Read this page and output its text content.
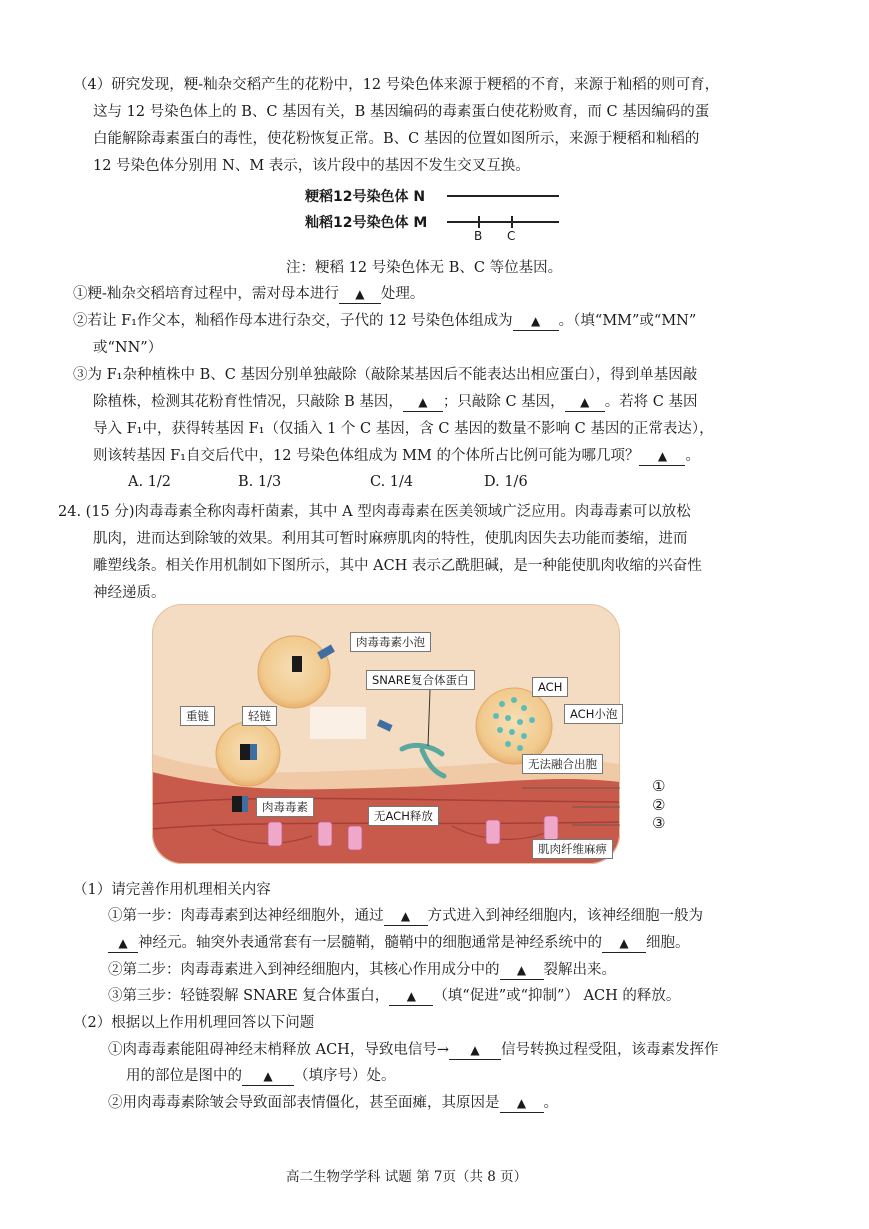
（4）研究发现，粳-籼杂交稻产生的花粉中，12 号染色体来源于粳稻的不育，来源于籼稻的则可育，
这与 12 号染色体上的 B、C 基因有关，B 基因编码的毒素蛋白使花粉败育，而 C 基因编码的蛋
白能解除毒素蛋白的毒性，使花粉恢复正常。B、C 基因的位置如图所示，来源于粳稻和籼稻的
12 号染色体分别用 N、M 表示，该片段中的基因不发生交叉互换。
粳稻12号染色体 N
籼稻12号染色体 M
B C
注：粳稻 12 号染色体无 B、C 等位基因。
①粳-籼杂交稻培育过程中，需对母本进行 ▲ 处理。
②若让 F₁作父本，籼稻作母本进行杂交，子代的 12 号染色体组成为 ▲ 。（填“MM”或“MN”
或“NN”）
③为 F₁杂种植株中 B、C 基因分别单独敲除（敲除某基因后不能表达出相应蛋白），得到单基因敲
除植株，检测其花粉育性情况，只敲除 B 基因， ▲ ；只敲除 C 基因， ▲ 。若将 C 基因
导入 F₁中，获得转基因 F₁（仅插入 1 个 C 基因，含 C 基因的数量不影响 C 基因的正常表达），
则该转基因 F₁自交后代中，12 号染色体组成为 MM 的个体所占比例可能为哪几项？ ▲ 。
A. 1/2	B. 1/3	C. 1/4	D. 1/6
24. (15 分)肉毒毒素全称肉毒杆菌素，其中 A 型肉毒毒素在医美领域广泛应用。肉毒毒素可以放松
肌肉，进而达到除皱的效果。利用其可暂时麻痹肌肉的特性，使肌肉因失去功能而萎缩，进而
雕塑线条。相关作用机制如下图所示，其中 ACH 表示乙酰胆碱，是一种能使肌肉收缩的兴奋性
神经递质。
肉毒毒素小泡
SNARE复合体蛋白	ACH
ACH小泡
重链	轻链
无法融合出胞
肉毒毒素
无ACH释放
肌肉纤维麻痹
①
②
③
（1）请完善作用机理相关内容
①第一步：肉毒毒素到达神经细胞外，通过 ▲ 方式进入到神经细胞内，该神经细胞一般为
▲ 神经元。轴突外表通常套有一层髓鞘，髓鞘中的细胞通常是神经系统中的 ▲ 细胞。
②第二步：肉毒毒素进入到神经细胞内，其核心作用成分中的 ▲ 裂解出来。
③第三步：轻链裂解 SNARE 复合体蛋白， ▲ （填“促进”或“抑制”） ACH 的释放。
（2）根据以上作用机理回答以下问题
①肉毒毒素能阻碍神经末梢释放 ACH，导致电信号→ ▲ 信号转换过程受阻，该毒素发挥作
用的部位是图中的 ▲ （填序号）处。
②用肉毒毒素除皱会导致面部表情僵化，甚至面瘫，其原因是 ▲ 。
高二生物学学科 试题 第 7页（共 8 页）
